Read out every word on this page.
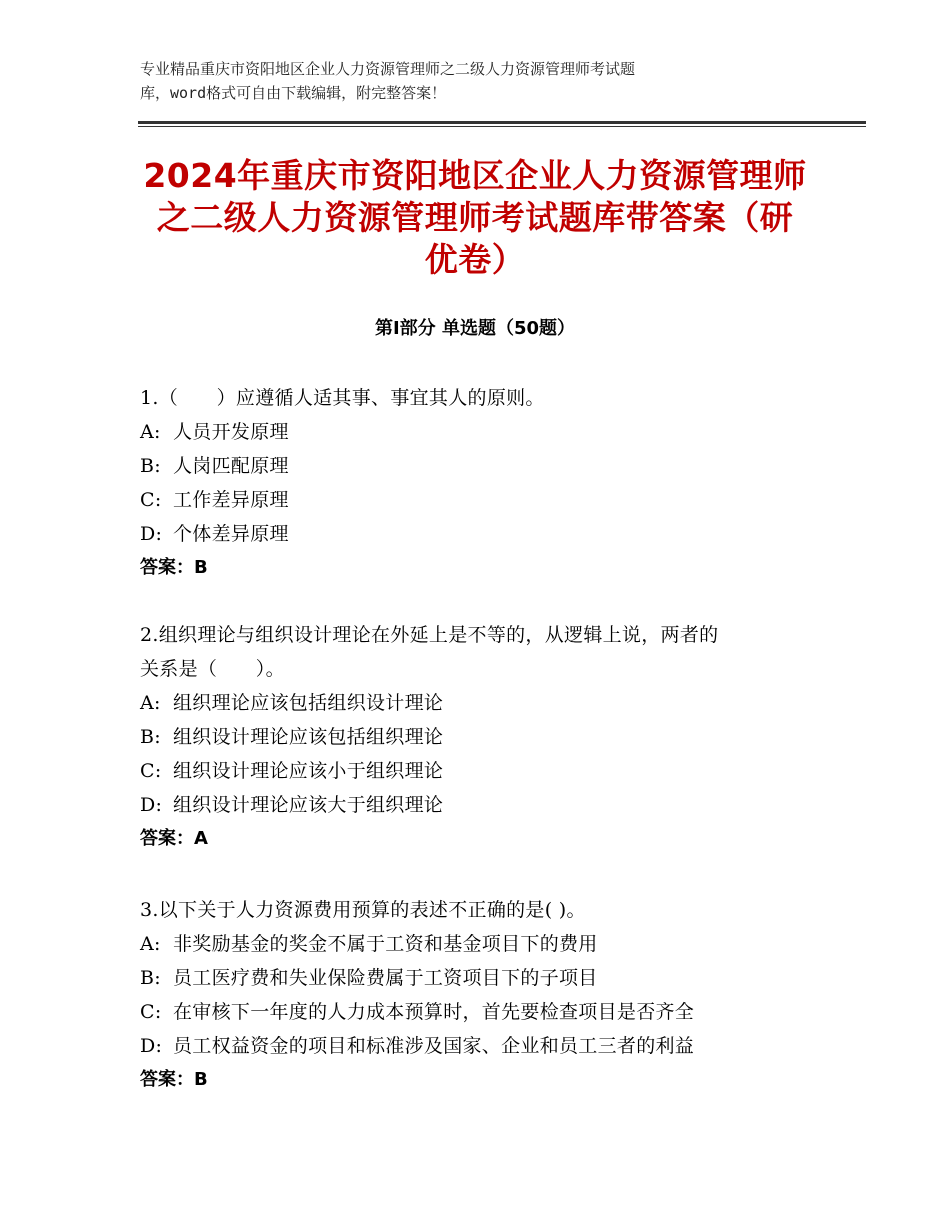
专业精品重庆市资阳地区企业人力资源管理师之二级人力资源管理师考试题
库，word格式可自由下载编辑，附完整答案！
2024年重庆市资阳地区企业人力资源管理师
之二级人力资源管理师考试题库带答案（研
优卷）
第Ⅰ部分 单选题（50题）
1.（　　）应遵循人适其事、事宜其人的原则。
A: 人员开发原理
B: 人岗匹配原理
C: 工作差异原理
D: 个体差异原理
答案：B
2.组织理论与组织设计理论在外延上是不等的，从逻辑上说，两者的
关系是（　　）。
A: 组织理论应该包括组织设计理论
B: 组织设计理论应该包括组织理论
C: 组织设计理论应该小于组织理论
D: 组织设计理论应该大于组织理论
答案：A
3.以下关于人力资源费用预算的表述不正确的是( )。
A: 非奖励基金的奖金不属于工资和基金项目下的费用
B: 员工医疗费和失业保险费属于工资项目下的子项目
C: 在审核下一年度的人力成本预算时，首先要检查项目是否齐全
D: 员工权益资金的项目和标准涉及国家、企业和员工三者的利益
答案：B
